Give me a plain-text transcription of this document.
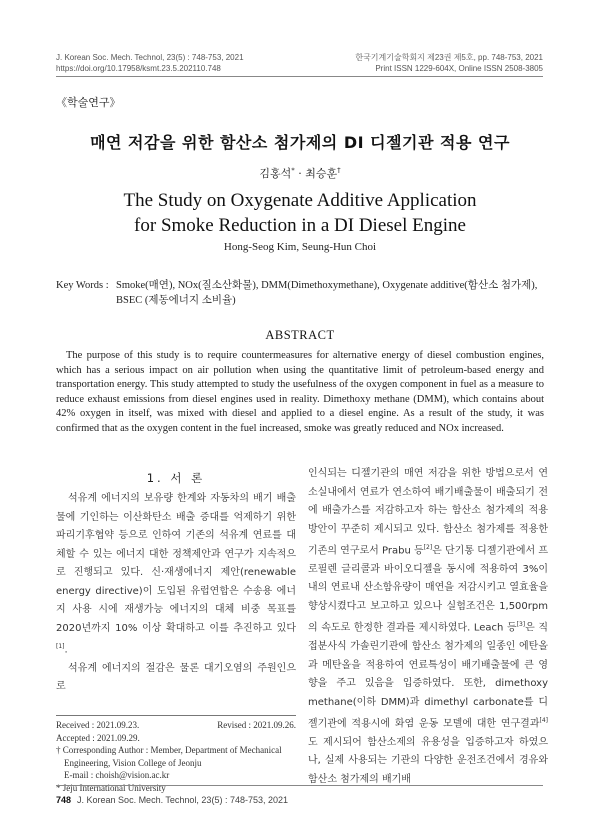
J. Korean Soc. Mech. Technol, 23(5) : 748-753, 2021
https://doi.org/10.17958/ksmt.23.5.202110.748
한국기계기술학회지 제23권 제5호, pp. 748-753, 2021
Print ISSN 1229-604X, Online ISSN 2508-3805
《학술연구》
매연 저감을 위한 함산소 첨가제의 DI 디젤기관 적용 연구
김홍석* · 최승훈†
The Study on Oxygenate Additive Application
for Smoke Reduction in a DI Diesel Engine
Hong-Seog Kim, Seung-Hun Choi
Key Words : Smoke(매연), NOx(질소산화물), DMM(Dimethoxymethane), Oxygenate additive(함산소 첨가제), BSEC (제동에너지 소비율)
ABSTRACT
The purpose of this study is to require countermeasures for alternative energy of diesel combustion engines, which has a serious impact on air pollution when using the quantitative limit of petroleum-based energy and transportation energy. This study attempted to study the usefulness of the oxygen component in fuel as a measure to reduce exhaust emissions from diesel engines used in reality. Dimethoxy methane (DMM), which contains about 42% oxygen in itself, was mixed with diesel and applied to a diesel engine. As a result of the study, it was confirmed that as the oxygen content in the fuel increased, smoke was greatly reduced and NOx increased.
1. 서 론

석유계 에너지의 보유량 한계와 자동차의 배기 배출물에 기인하는 이산화탄소 배출 증대를 억제하기 위한 파리기후협약 등으로 인하여 기존의 석유계 연료를 대체할 수 있는 에너지 대한 정책제안과 연구가 지속적으로 진행되고 있다. 신·재생에너지 제안(renewable energy directive)이 도입된 유럽연합은 수송용 에너지 사용 시에 재생가능 에너지의 대체 비중 목표를 2020년까지 10% 이상 확대하고 이를 추진하고 있다[1].

석유계 에너지의 절감은 물론 대기오염의 주원인으로

인식되는 디젤기관의 매연 저감을 위한 방법으로서 연소실내에서 연료가 연소하여 배기배출물이 배출되기 전에 배출가스를 저감하고자 하는 함산소 첨가제의 적용 방안이 꾸준히 제시되고 있다. 함산소 첨가제를 적용한 기존의 연구로서 Prabu 등[2]은 단기통 디젤기관에서 프로필렌 글리콜과 바이오디젤을 동시에 적용하여 3%이내의 연료내 산소함유량이 매연을 저감시키고 열효율을 향상시켰다고 보고하고 있으나 실험조건은 1,500rpm의 속도로 한정한 결과를 제시하였다. Leach 등[3]은 직접분사식 가솔린기관에 함산소 첨가제의 일종인 에탄올과 메탄올을 적용하여 연료특성이 배기배출물에 큰 영향을 주고 있음을 입증하였다. 또한, dimethoxy methane(이하 DMM)과 dimethyl carbonate를 디젤기관에 적용시에 화염 운동 모델에 대한 연구결과[4]도 제시되어 함산소제의 유용성을 입증하고자 하였으나, 실제 사용되는 기관의 다양한 운전조건에서 경유와 함산소 첨가제의 배기배

Received : 2021.09.23.	Revised : 2021.09.26.
Accepted : 2021.09.29.
† Corresponding Author : Member, Department of Mechanical
Engineering, Vision College of Jeonju
E-mail : choish@vision.ac.kr
* Jeju International University
748 J. Korean Soc. Mech. Technol, 23(5) : 748-753, 2021
